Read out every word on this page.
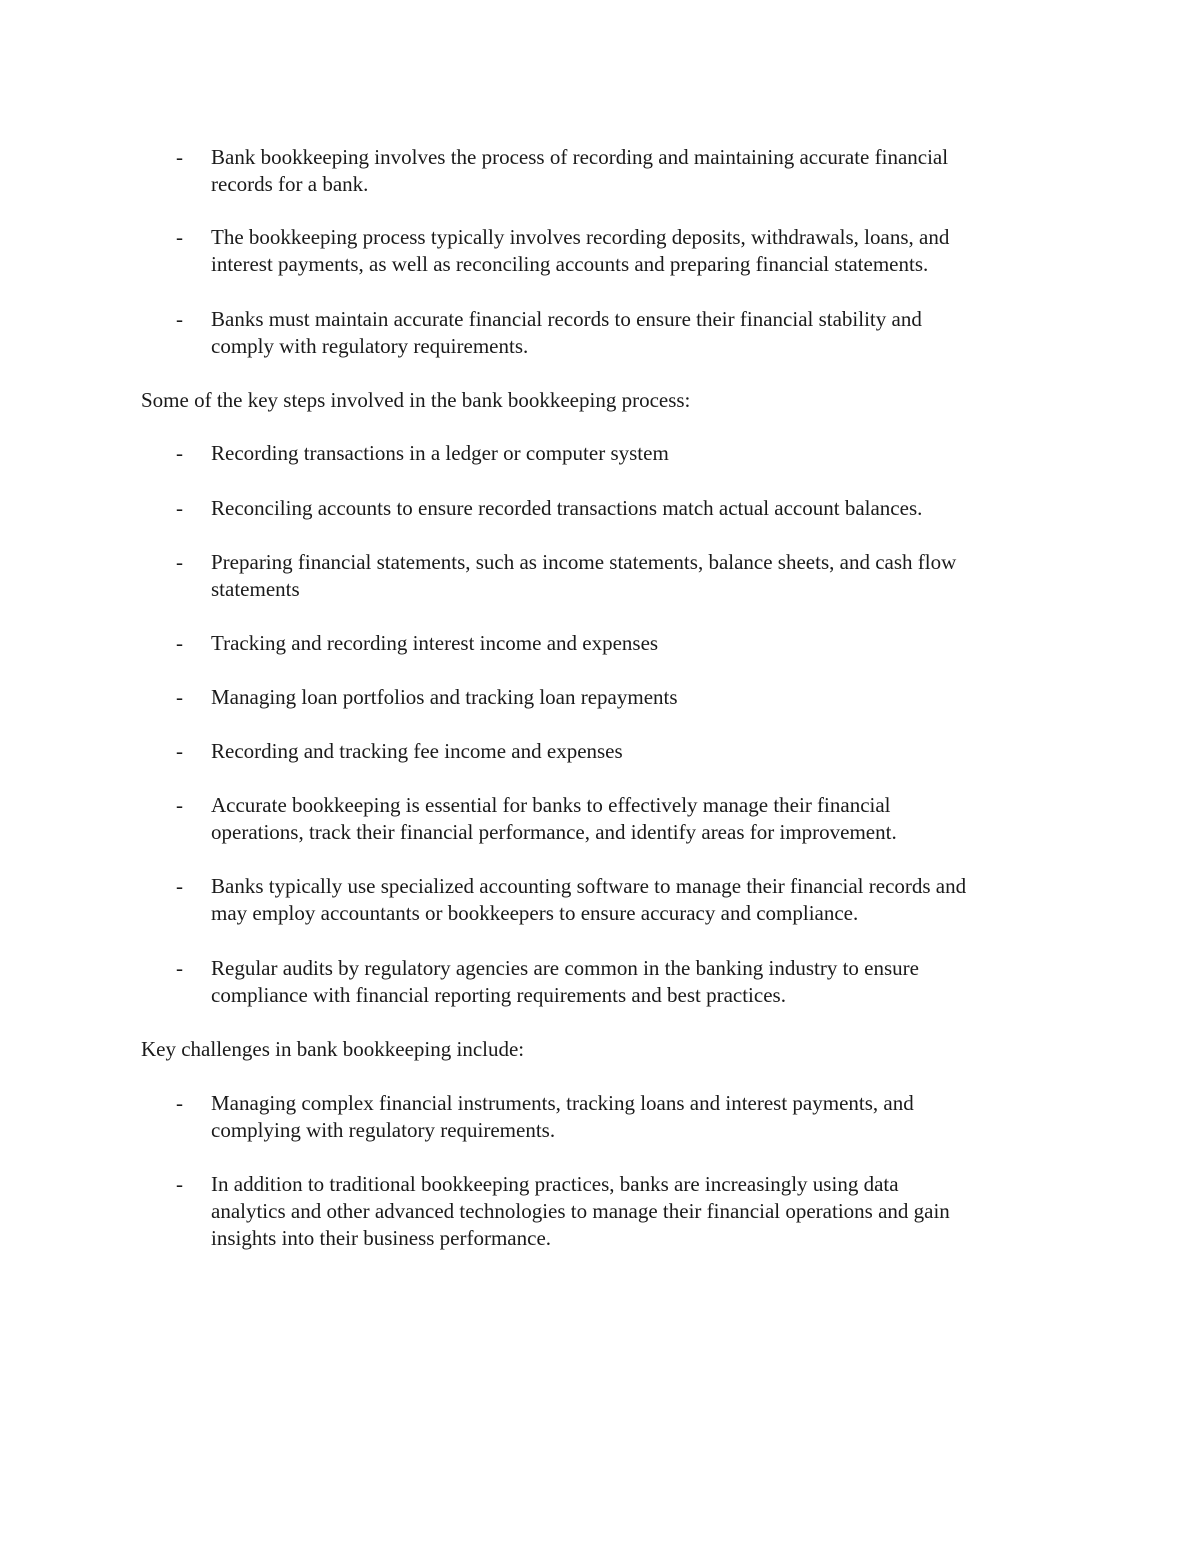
-	Bank bookkeeping involves the process of recording and maintaining accurate financial
records for a bank.
-	The bookkeeping process typically involves recording deposits, withdrawals, loans, and
interest payments, as well as reconciling accounts and preparing financial statements.
-	Banks must maintain accurate financial records to ensure their financial stability and
comply with regulatory requirements.
Some of the key steps involved in the bank bookkeeping process:
-	Recording transactions in a ledger or computer system
-	Reconciling accounts to ensure recorded transactions match actual account balances.
-	Preparing financial statements, such as income statements, balance sheets, and cash flow
statements
-	Tracking and recording interest income and expenses
-	Managing loan portfolios and tracking loan repayments
-	Recording and tracking fee income and expenses
-	Accurate bookkeeping is essential for banks to effectively manage their financial
operations, track their financial performance, and identify areas for improvement.
-	Banks typically use specialized accounting software to manage their financial records and
may employ accountants or bookkeepers to ensure accuracy and compliance.
-	Regular audits by regulatory agencies are common in the banking industry to ensure
compliance with financial reporting requirements and best practices.
Key challenges in bank bookkeeping include:
-	Managing complex financial instruments, tracking loans and interest payments, and
complying with regulatory requirements.
-	In addition to traditional bookkeeping practices, banks are increasingly using data
analytics and other advanced technologies to manage their financial operations and gain
insights into their business performance.
